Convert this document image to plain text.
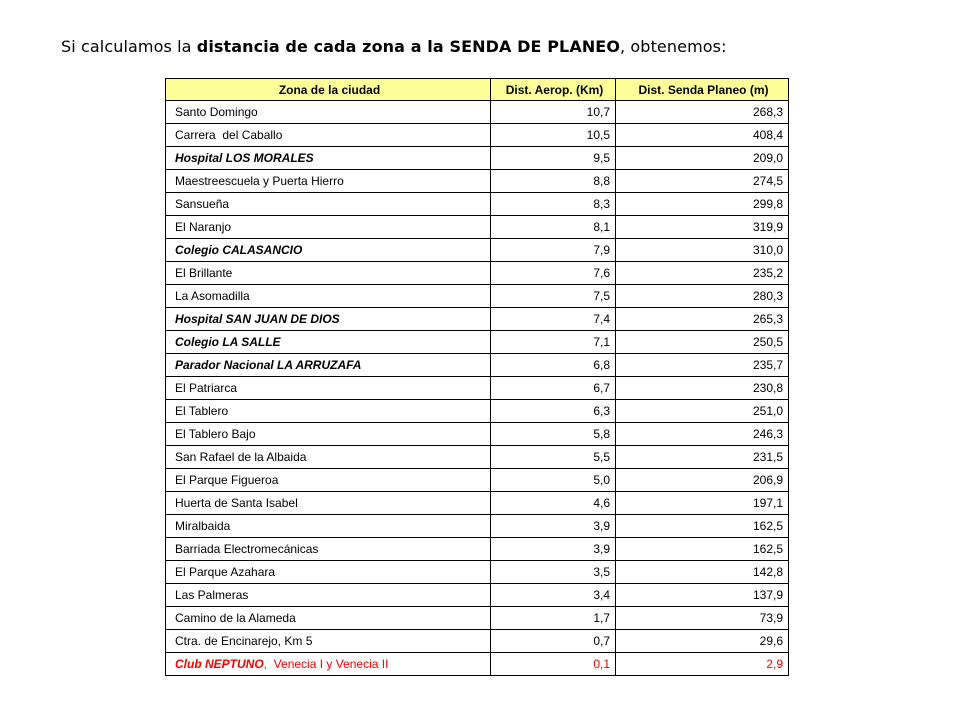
Si calculamos la distancia de cada zona a la SENDA DE PLANEO, obtenemos:
Zona de la ciudad	Dist. Aerop. (Km)	Dist. Senda Planeo (m)
Santo Domingo	10,7	268,3
Carrera  del Caballo	10,5	408,4
Hospital LOS MORALES	9,5	209,0
Maestreescuela y Puerta Hierro	8,8	274,5
Sansueña	8,3	299,8
El Naranjo	8,1	319,9
Colegio CALASANCIO	7,9	310,0
El Brillante	7,6	235,2
La Asomadilla	7,5	280,3
Hospital SAN JUAN DE DIOS	7,4	265,3
Colegio LA SALLE	7,1	250,5
Parador Nacional LA ARRUZAFA	6,8	235,7
El Patriarca	6,7	230,8
El Tablero	6,3	251,0
El Tablero Bajo	5,8	246,3
San Rafael de la Albaida	5,5	231,5
El Parque Figueroa	5,0	206,9
Huerta de Santa Isabel	4,6	197,1
Miralbaida	3,9	162,5
Barriada Electromecánicas	3,9	162,5
El Parque Azahara	3,5	142,8
Las Palmeras	3,4	137,9
Camino de la Alameda	1,7	73,9
Ctra. de Encinarejo, Km 5	0,7	29,6
Club NEPTUNO,  Venecia I y Venecia II	0,1	2,9
